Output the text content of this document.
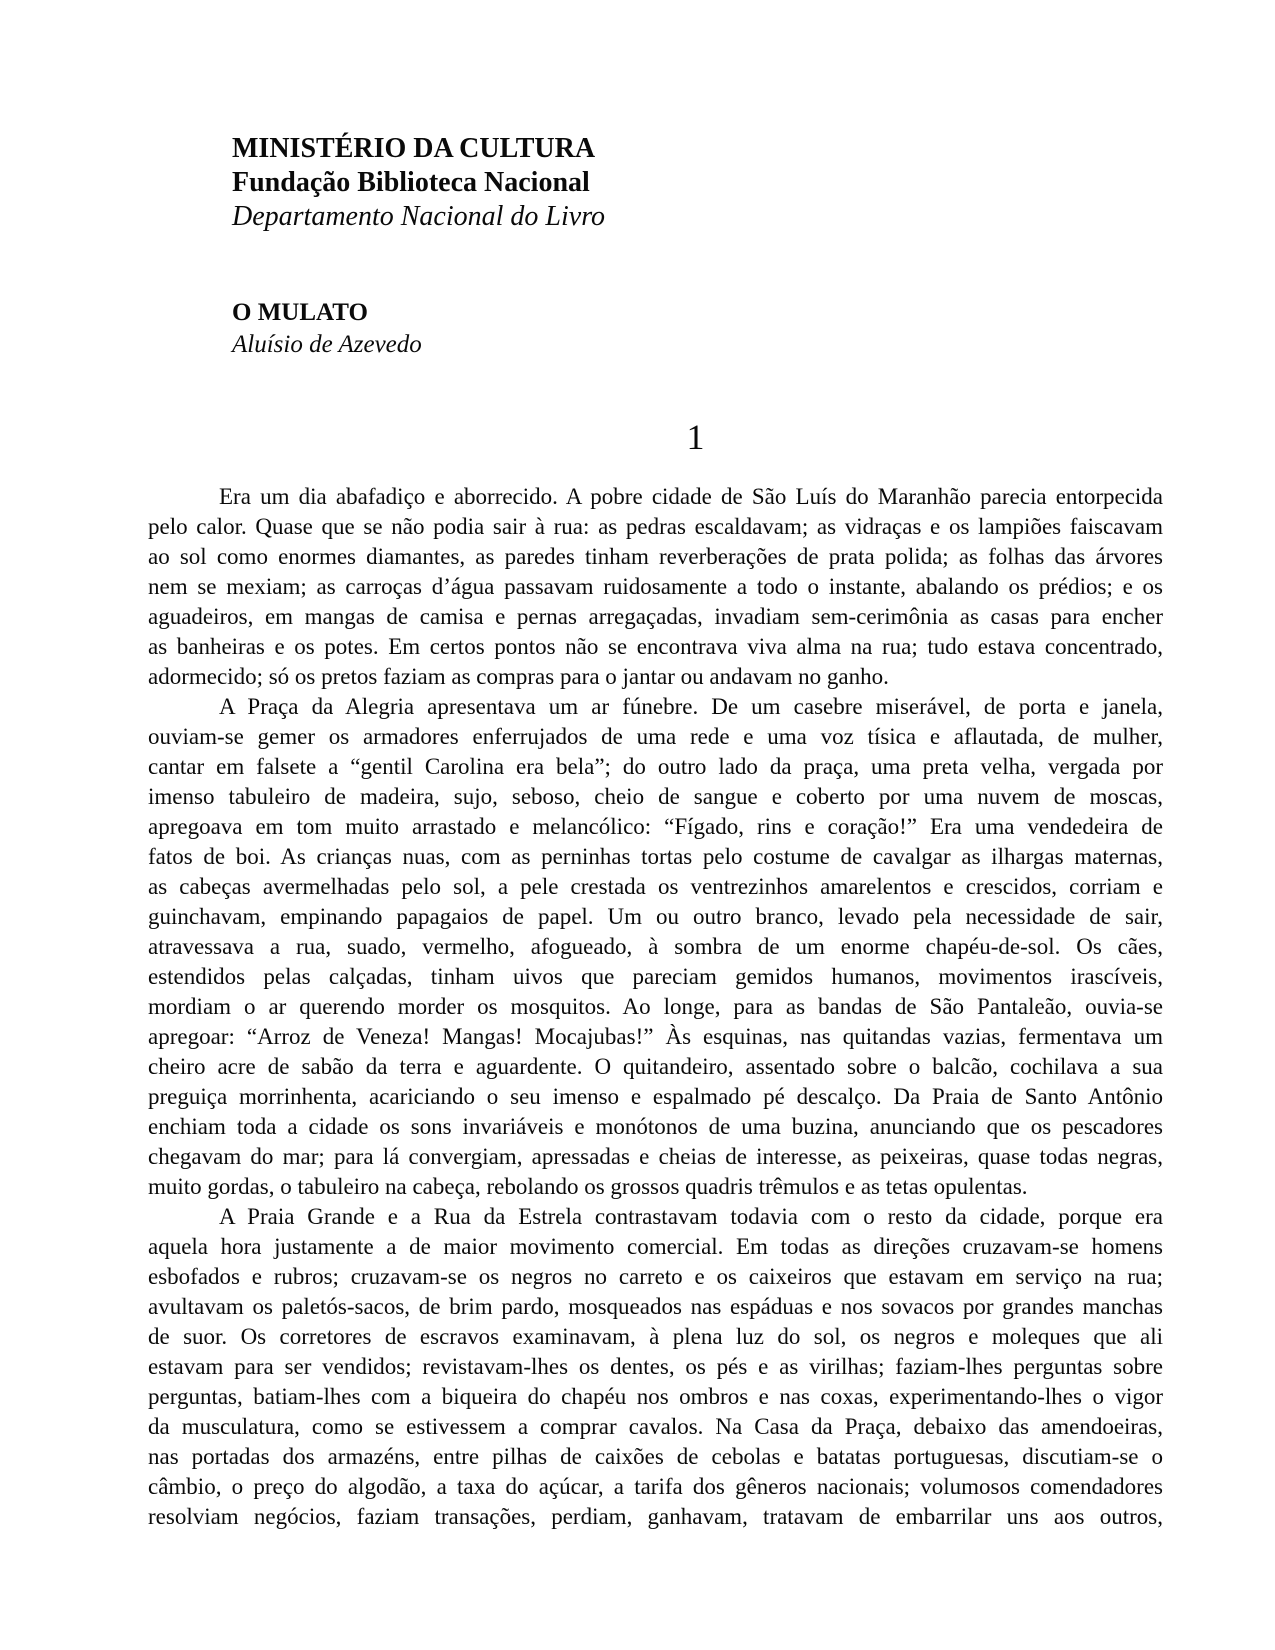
MINISTÉRIO DA CULTURA
Fundação Biblioteca Nacional
Departamento Nacional do Livro
O MULATO
Aluísio de Azevedo
1
Era um dia abafadiço e aborrecido. A pobre cidade de São Luís do Maranhão parecia entorpecida
pelo calor. Quase que se não podia sair à rua: as pedras escaldavam; as vidraças e os lampiões faiscavam
ao sol como enormes diamantes, as paredes tinham reverberações de prata polida; as folhas das árvores
nem se mexiam; as carroças d’água passavam ruidosamente a todo o instante, abalando os prédios; e os
aguadeiros, em mangas de camisa e pernas arregaçadas, invadiam sem-cerimônia as casas para encher
as banheiras e os potes. Em certos pontos não se encontrava viva alma na rua; tudo estava concentrado,
adormecido; só os pretos faziam as compras para o jantar ou andavam no ganho.
A Praça da Alegria apresentava um ar fúnebre. De um casebre miserável, de porta e janela,
ouviam-se gemer os armadores enferrujados de uma rede e uma voz tísica e aflautada, de mulher,
cantar em falsete a “gentil Carolina era bela”; do outro lado da praça, uma preta velha, vergada por
imenso tabuleiro de madeira, sujo, seboso, cheio de sangue e coberto por uma nuvem de moscas,
apregoava em tom muito arrastado e melancólico: “Fígado, rins e coração!” Era uma vendedeira de
fatos de boi. As crianças nuas, com as perninhas tortas pelo costume de cavalgar as ilhargas maternas,
as cabeças avermelhadas pelo sol, a pele crestada os ventrezinhos amarelentos e crescidos, corriam e
guinchavam, empinando papagaios de papel. Um ou outro branco, levado pela necessidade de sair,
atravessava a rua, suado, vermelho, afogueado, à sombra de um enorme chapéu-de-sol. Os cães,
estendidos pelas calçadas, tinham uivos que pareciam gemidos humanos, movimentos irascíveis,
mordiam o ar querendo morder os mosquitos. Ao longe, para as bandas de São Pantaleão, ouvia-se
apregoar: “Arroz de Veneza! Mangas! Mocajubas!” Às esquinas, nas quitandas vazias, fermentava um
cheiro acre de sabão da terra e aguardente. O quitandeiro, assentado sobre o balcão, cochilava a sua
preguiça morrinhenta, acariciando o seu imenso e espalmado pé descalço. Da Praia de Santo Antônio
enchiam toda a cidade os sons invariáveis e monótonos de uma buzina, anunciando que os pescadores
chegavam do mar; para lá convergiam, apressadas e cheias de interesse, as peixeiras, quase todas negras,
muito gordas, o tabuleiro na cabeça, rebolando os grossos quadris trêmulos e as tetas opulentas.
A Praia Grande e a Rua da Estrela contrastavam todavia com o resto da cidade, porque era
aquela hora justamente a de maior movimento comercial. Em todas as direções cruzavam-se homens
esbofados e rubros; cruzavam-se os negros no carreto e os caixeiros que estavam em serviço na rua;
avultavam os paletós-sacos, de brim pardo, mosqueados nas espáduas e nos sovacos por grandes manchas
de suor. Os corretores de escravos examinavam, à plena luz do sol, os negros e moleques que ali
estavam para ser vendidos; revistavam-lhes os dentes, os pés e as virilhas; faziam-lhes perguntas sobre
perguntas, batiam-lhes com a biqueira do chapéu nos ombros e nas coxas, experimentando-lhes o vigor
da musculatura, como se estivessem a comprar cavalos. Na Casa da Praça, debaixo das amendoeiras,
nas portadas dos armazéns, entre pilhas de caixões de cebolas e batatas portuguesas, discutiam-se o
câmbio, o preço do algodão, a taxa do açúcar, a tarifa dos gêneros nacionais; volumosos comendadores
resolviam negócios, faziam transações, perdiam, ganhavam, tratavam de embarrilar uns aos outros,
